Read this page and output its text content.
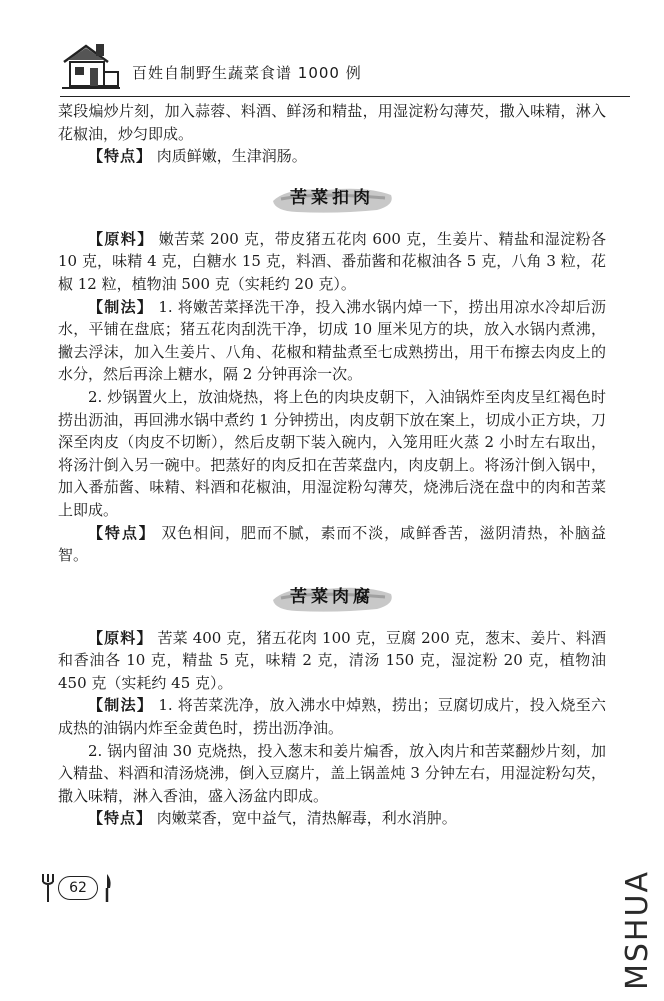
百姓自制野生蔬菜食谱 1000 例

菜段煸炒片刻，加入蒜蓉、料酒、鲜汤和精盐，用湿淀粉勾薄芡，撒入味精，淋入花椒油，炒匀即成。

【特点】 肉质鲜嫩，生津润肠。

苦菜扣肉

【原料】 嫩苦菜 200 克，带皮猪五花肉 600 克，生姜片、精盐和湿淀粉各 10 克，味精 4 克，白糖水 15 克，料酒、番茄酱和花椒油各 5 克，八角 3 粒，花椒 12 粒，植物油 500 克（实耗约 20 克）。

【制法】 1. 将嫩苦菜择洗干净，投入沸水锅内焯一下，捞出用凉水冷却后沥水，平铺在盘底；猪五花肉刮洗干净，切成 10 厘米见方的块，放入水锅内煮沸，撇去浮沫，加入生姜片、八角、花椒和精盐煮至七成熟捞出，用干布擦去肉皮上的水分，然后再涂上糖水，隔 2 分钟再涂一次。

2. 炒锅置火上，放油烧热，将上色的肉块皮朝下，入油锅炸至肉皮呈红褐色时捞出沥油，再回沸水锅中煮约 1 分钟捞出，肉皮朝下放在案上，切成小正方块，刀深至肉皮（肉皮不切断），然后皮朝下装入碗内，入笼用旺火蒸 2 小时左右取出，将汤汁倒入另一碗中。把蒸好的肉反扣在苦菜盘内，肉皮朝上。将汤汁倒入锅中，加入番茄酱、味精、料酒和花椒油，用湿淀粉勾薄芡，烧沸后浇在盘中的肉和苦菜上即成。

【特点】 双色相间，肥而不腻，素而不淡，咸鲜香苦，滋阴清热，补脑益智。

苦菜肉腐

【原料】 苦菜 400 克，猪五花肉 100 克，豆腐 200 克，葱末、姜片、料酒和香油各 10 克，精盐 5 克，味精 2 克，清汤 150 克，湿淀粉 20 克，植物油 450 克（实耗约 45 克）。

【制法】 1. 将苦菜洗净，放入沸水中焯熟，捞出；豆腐切成片，投入烧至六成热的油锅内炸至金黄色时，捞出沥净油。

2. 锅内留油 30 克烧热，投入葱末和姜片煸香，放入肉片和苦菜翻炒片刻，加入精盐、料酒和清汤烧沸，倒入豆腐片，盖上锅盖炖 3 分钟左右，用湿淀粉勾芡，撒入味精，淋入香油，盛入汤盆内即成。

【特点】 肉嫩菜香，宽中益气，清热解毒，利水消肿。

62	MSHUA
